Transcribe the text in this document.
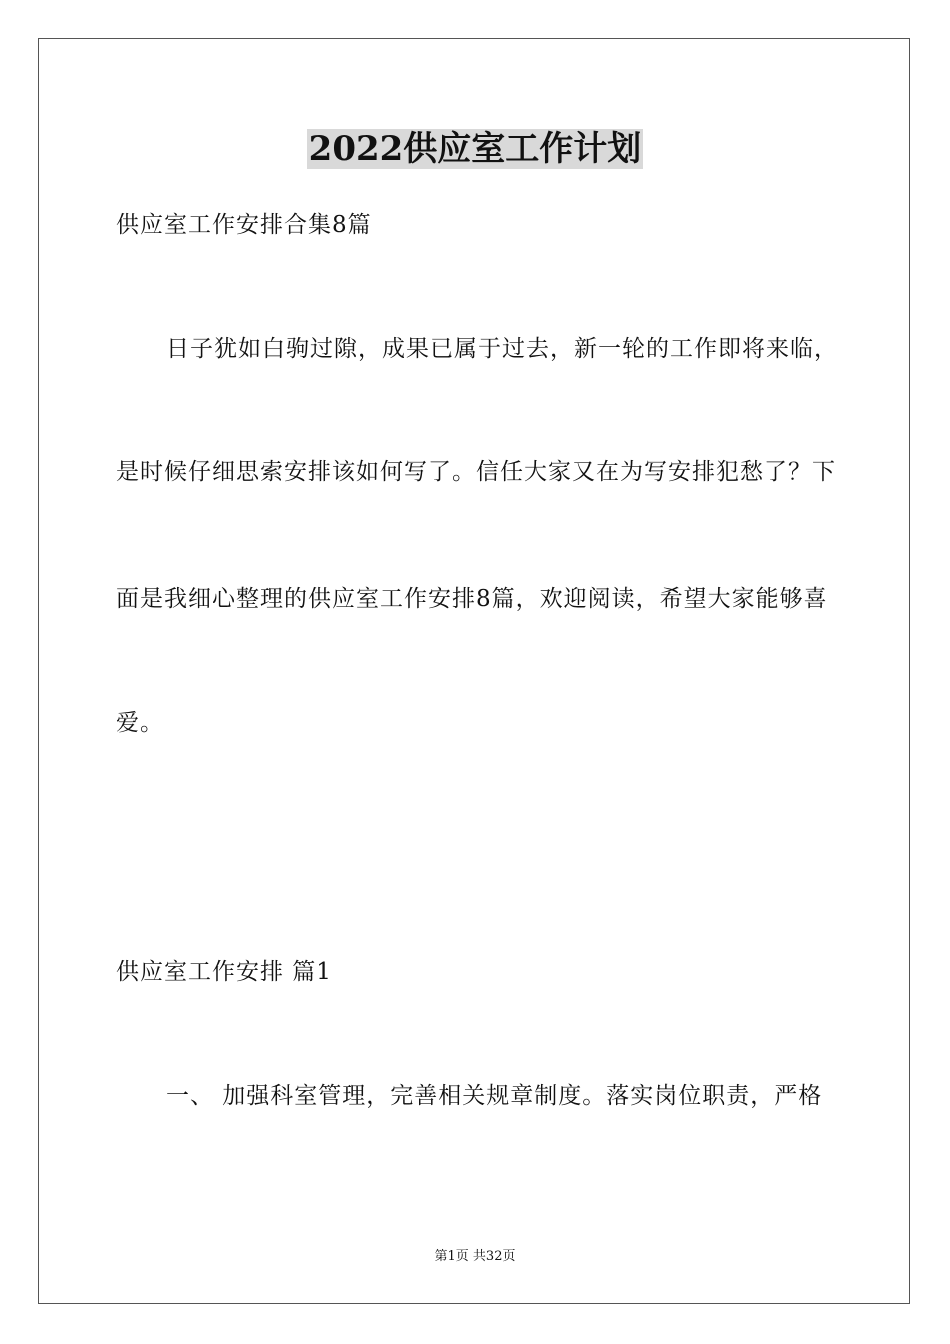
2022供应室工作计划
供应室工作安排合集8篇
日子犹如白驹过隙，成果已属于过去，新一轮的工作即将来临，
是时候仔细思索安排该如何写了。信任大家又在为写安排犯愁了？下
面是我细心整理的供应室工作安排8篇，欢迎阅读，希望大家能够喜
爱。
供应室工作安排 篇1
一、 加强科室管理，完善相关规章制度。落实岗位职责，严格
第1页 共32页
